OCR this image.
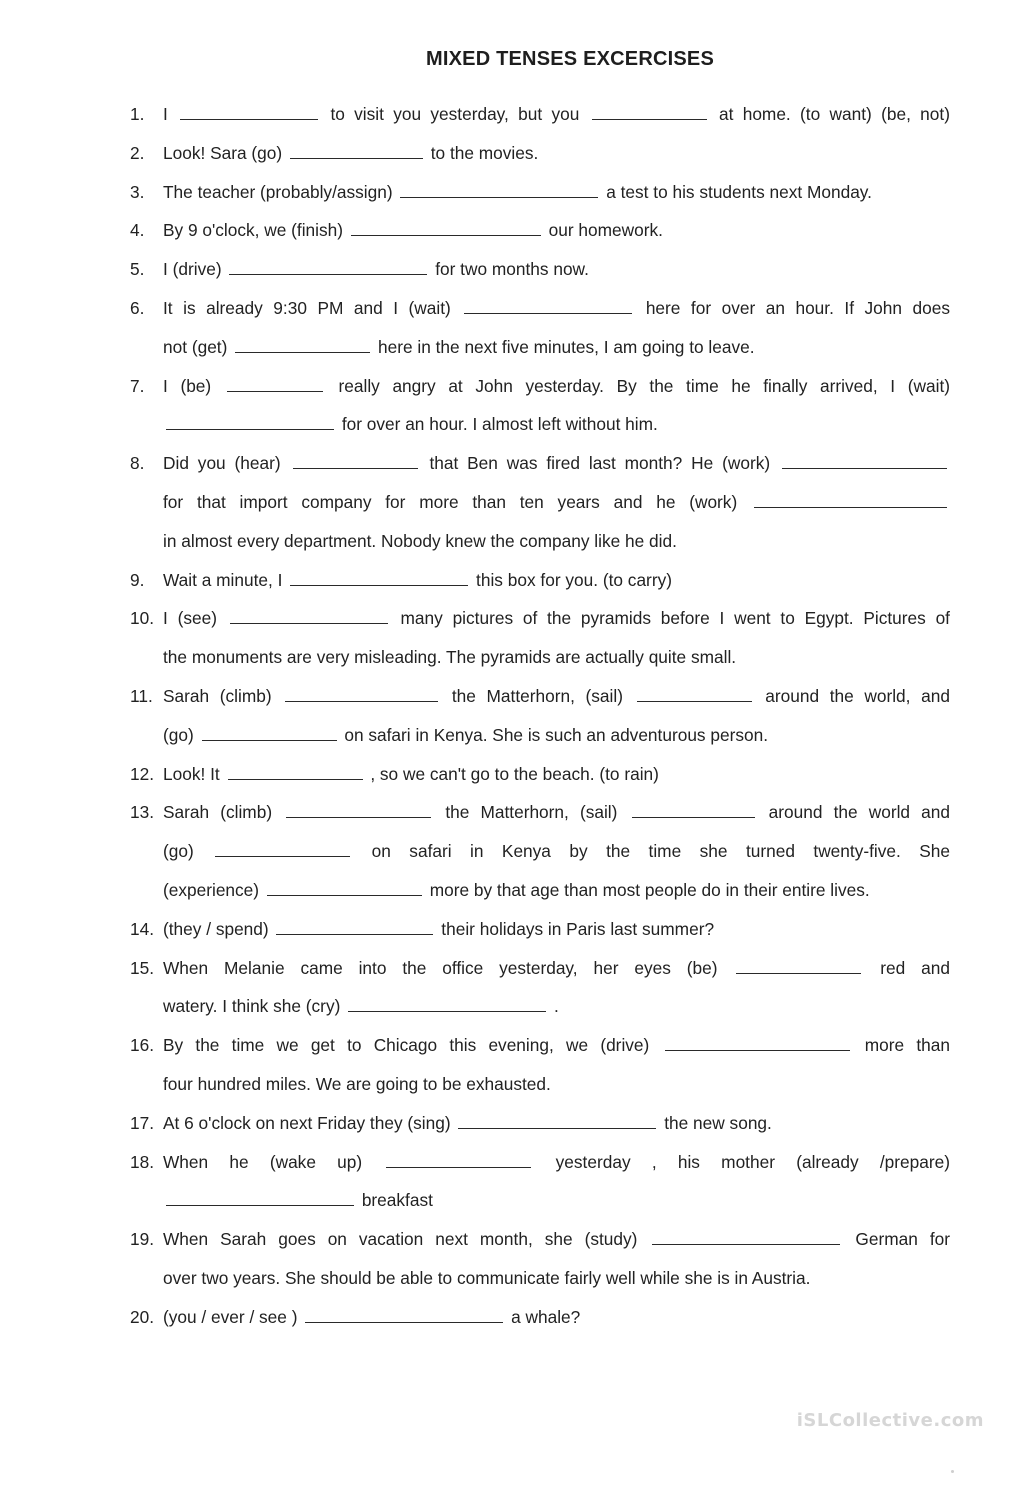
MIXED TENSES EXCERCISES
1. I	to visit you yesterday, but you	at home. (to want) (be, not)
2. Look! Sara (go)	to the movies.
3. The teacher (probably/assign)	a test to his students next Monday.
4. By 9 o'clock, we (finish)	our homework.
5. I (drive)	for two months now.
6. It is already 9:30 PM and I (wait)	here for over an hour. If John does
not (get)	here in the next five minutes, I am going to leave.
7. I (be)	really angry at John yesterday. By the time he finally arrived, I (wait)
for over an hour. I almost left without him.
8. Did you (hear)	that Ben was fired last month? He (work)
for that import company for more than ten years and he (work)
in almost every department. Nobody knew the company like he did.
9. Wait a minute, I	this box for you. (to carry)
10. I (see)	many pictures of the pyramids before I went to Egypt. Pictures of
the monuments are very misleading. The pyramids are actually quite small.
11. Sarah (climb)	the Matterhorn, (sail)	around the world, and
(go)	on safari in Kenya. She is such an adventurous person.
12. Look! It	, so we can't go to the beach. (to rain)
13. Sarah (climb)	the Matterhorn, (sail)	around the world and
(go)	on safari in Kenya by the time she turned twenty-five. She
(experience)	more by that age than most people do in their entire lives.
14. (they / spend)	their holidays in Paris last summer?
15. When Melanie came into the office yesterday, her eyes (be)	red and
watery. I think she (cry)	.
16. By the time we get to Chicago this evening, we (drive)	more than
four hundred miles. We are going to be exhausted.
17. At 6 o'clock on next Friday they (sing)	the new song.
18. When he (wake up)	yesterday , his mother (already /prepare)
breakfast
19. When Sarah goes on vacation next month, she (study)	German for
over two years. She should be able to communicate fairly well while she is in Austria.
20. (you / ever / see )	a whale?
iSLCollective.com
